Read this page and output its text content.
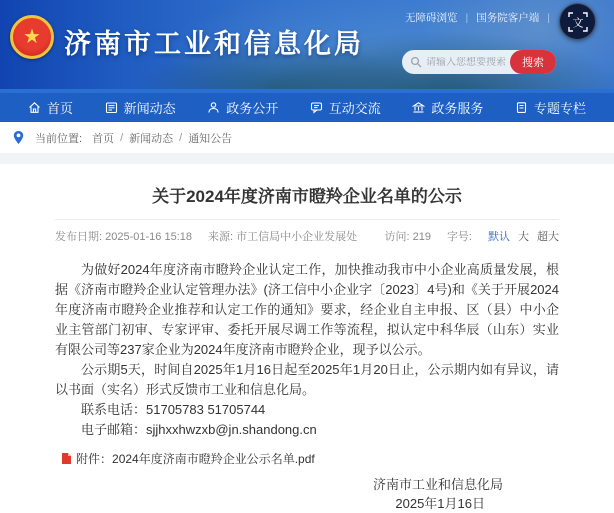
★ 济南市工业和信息化局
无障碍浏览 | 国务院客户端 | 文
请输入您想要搜索的内容
搜索
首页	新闻动态	政务公开	互动交流	政务服务	专题专栏
当前位置: 首页 / 新闻动态 / 通知公告
关于2024年度济南市瞪羚企业名单的公示
发布日期: 2025-01-16 15:18 来源: 市工信局中小企业发展处 访问: 219 字号: 默认 大 超大

为做好2024年度济南市瞪羚企业认定工作，加快推动我市中小企业高质量发展，根据《济南市瞪羚企业认定管理办法》(济工信中小企业字〔2023〕4号)和《关于开展2024年度济南市瞪羚企业推荐和认定工作的通知》要求，经企业自主申报、区（县）中小企业主管部门初审、专家评审、委托开展尽调工作等流程，拟认定中科华辰（山东）实业有限公司等237家企业为2024年度济南市瞪羚企业，现予以公示。

公示期5天，时间自2025年1月16日起至2025年1月20日止，公示期内如有异议，请以书面（实名）形式反馈市工业和信息化局。

联系电话：51705783 51705744

电子邮箱：sjjhxxhwzxb@jn.shandong.cn

附件： 2024年度济南市瞪羚企业公示名单.pdf
济南市工业和信息化局
2025年1月16日
